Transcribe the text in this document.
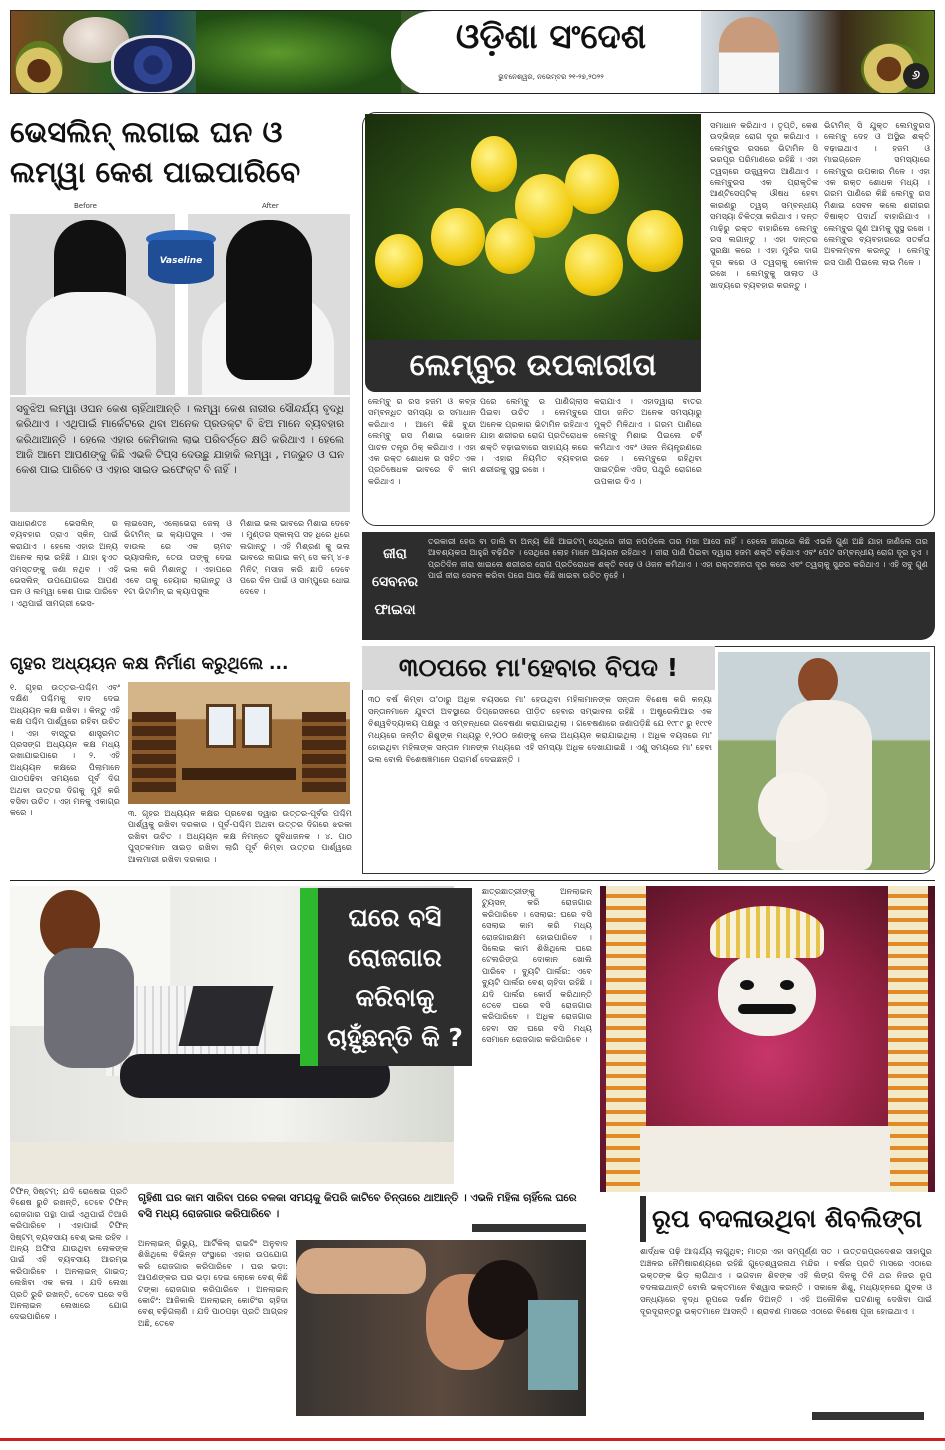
ଓଡ଼ିଶା ସଂଦେଶ
ଭୁବନେଶ୍ୱର, ନଭେମ୍ବର ୨୧-୨୭,୨୦୨୨	୬
ଭେସଲିନ୍ ଲଗାଇ ଘନ ଓ ଲମ୍ୱା କେଶ ପାଇପାରିବେ
Before	After
Vaseline
ସବୁଝିଅ ଲମ୍ୱା ଓଘନ କେଶ ଚାହିଁଥାଆନ୍ତି । ଲମ୍ୱା କେଶ ନାରୀର ସୌନ୍ଦର୍ଯ୍ୟ ବୃଦ୍ଧି କରିଥାଏ । ଏଥିପାଇଁ ମାର୍କେଟରେ ଥିବା ଅନେକ ପ୍ରଡକ୍ଟ ବି ଝିଅ ମାନେ ବ୍ୟବହାର କରିଥାଆନ୍ତି । ହେଲେ ଏହାର କେମିକାଲ ଲାଭ ପରିବର୍ତ୍ତେ କ୍ଷତି କରିଥାଏ । ହେଲେ ଆଜି ଆମେ ଆପଣଙ୍କୁ କିଛି ଏଭଳି ଟିପ୍ସ ଦେଉଛୁ ଯାହାକି ଲମ୍ୱା , ମଜଭୁତ ଓ ଘନ କେଶ ପାଇ ପାରିବେ ଓ ଏହାର ସାଇଡ ଇଫେକ୍ଟ ବି ନାହିଁ ।
ସାଧାରଣତଃ ଭେସଲିନ୍ ର ବ୍ୟବହାର ଡ୍ରାଏ ସ୍କିନ୍ ପାଇଁ କରାଯାଏ । ହେଲେ ଏହାର ଅନ୍ୟ ଅନେକ ଲାଭ ରହିଛି । ଯାହା ହୁଏତ ସମସ୍ତଙ୍କୁ ଜଣା ନଥିବ । ଏହି ଭେସଲିନ୍ ଉପଯୋଗରେ ଆପଣ ଘନ ଓ ଲମ୍ୱା କେଶ ପାଇ ପାରିବେ । ଏଥିପାଇଁ ସାମଗ୍ରୀ ଭେସ-
ଲାଇସେନ୍, ଏଲୋଭେରା ଜେଲ୍ ଓ ଭିଟାମିନ୍ ଇ କ୍ୟାପସୁଲ । ଏକ ବାଉଲ ରେ ଏକ ଚାମଚ ଭ୍ୟାସଲିନ୍, ତେଉ ତାଙ୍କୁ ଦେଇ ଭଲ କରି ମିଶାନ୍ତୁ । ଏହାପରେ ଏବେ ତାକୁ ହେୟାର ଲାଗାନ୍ତୁ ଓ ୧ଟା ଭିଟାମିନ୍ ଇ କ୍ୟାପସୁଲ
ମିଶାଇ ଭଲ ଭାବରେ ମିଶାଇ ଦେବେ । ମୁଣ୍ଡର ସ୍କାଲ୍ପ ସହ ଧିରେ ଧିରେ ଲଗାନ୍ତୁ । ଏହି ମିଶ୍ରଣ କୁ ଭଲ ଭାବରେ ଲଗାଇ କମ୍ ସେ କମ୍ ୪-୫ ମିନିଟ୍ ମସାଜ କରି ଛାଡି ଦେବେ ପରେ ଦିନ ପାଇଁ ଓ ସାମ୍ପୁରେ ଧୋଇ ଦେବେ ।
ଲେମ୍ବୁର ଉପକାରୀତା
ଲେମ୍ବୁ ର ରସ ହଜମ ଓ କବ୍ଜ ସମ୍ବନ୍ଧିତ ସମସ୍ୟା ର ସମାଧାନ କରିଥାଏ । ଆମେ କିଛି ବୁନ୍ଦା ଲେମ୍ବୁ ରସ ମିଶାଇ ଭୋଜନ ପାଚନ ତନ୍ତ୍ର ଠିକ୍ କରିଥାଏ । ଏହା ଏକ ରକ୍ତ ଶୋଧକ ର ସହିତ ଏକ ପ୍ରତିଷେଧକ ଭାବରେ ବି କାମ କରିଥାଏ ।
ପରେ ଲେମ୍ବୁ ର ପାଣିଗ୍ଲାସ ପିଇବା ଉଚିତ । ଲେମ୍ବୁରେ ଅନେକ ପ୍ରକାର ଭିଟାମିନ ରହିଥାଏ ଯାହା ଶରୀରର ରୋଗ ପ୍ରତିରୋଧକ ଶକ୍ତି ବଢ଼ାଇବାରେ ସାହାଯ୍ୟ କରେ । ଏହାର ନିୟମିତ ବ୍ୟବହାର ଶରୀରକୁ ସୁସ୍ଥ ରଖେ ।
କରାଯାଏ । ଏହାଦ୍ୱାରା ବାତର ପୀଡା ଜନିତ ଅନେକ ସମସ୍ୟାରୁ ମୁକ୍ତି ମିଳିଥାଏ । ଗରମ ପାଣିରେ ଲେମ୍ବୁ ମିଶାଇ ପିଇଲେ ଚର୍ବି କମିଥାଏ ଏବଂ ଓଜନ ନିୟନ୍ତ୍ରଣରେ ରହେ । ଲେମ୍ବୁରେ ରହିଥିବା ସାଇଟ୍ରିକ ଏସିଡ୍ ପଥୁରି ରୋଗରେ ଉପକାର ଦିଏ ।
ସମାଧାନ କରିଥାଏ । ତୃପ୍ତି, କେଶ ଉଦ୍ଭିଜ୍ଜ ରୋଗ ଦୂର କରିଥାଏ । ଲେମ୍ବୁର ରସରେ ଭିଟାମିନ ସି ଭରପୂର ପରିମାଣରେ ରହିଛି । ଏହା ତ୍ୱଚାରେ ଉଜ୍ଜ୍ୱଳତା ଆଣିଥାଏ । ଲେମ୍ବୁରସ ଏକ ପ୍ରାକୃତିକ ଆଣ୍ଟିସେପ୍ଟିକ୍ ଔଷଧ ହେବା କାରଣରୁ ତ୍ୱଚା ସମ୍ବନ୍ଧୀୟ ସମସ୍ୟା ଚିକିତ୍ସା କରିଥାଏ । ଦନ୍ତ ମାଢ଼ିରୁ ରକ୍ତ ବାହାରିଲେ ଲେମ୍ବୁ ରସ ଲଗାନ୍ତୁ । ଏହା ଦାନ୍ତର ସୁରକ୍ଷା କରେ । ଏହା ମୁହଁର ଦାଗ ଦୂର କରେ ଓ ତ୍ୱଚାକୁ କୋମଳ ରଖେ । ଲେମ୍ବୁକୁ ସାଲାଡ ଓ ଖାଦ୍ୟରେ ବ୍ୟବହାର କରନ୍ତୁ ।
ଭିଟାମିନ୍ ସି ଯୁକ୍ତ ଲେମ୍ବୁରସ ଲେମ୍ବୁ ଦେହ ଓ ଅସ୍ଥିର ଶକ୍ତି ବଢ଼ାଇଥାଏ । ହଜମ ଓ ମାଇଗ୍ରେନ ସମସ୍ୟାରେ ଲେମ୍ବୁର ଉପକାର ମିଳେ । ଏହା ଏକ ରକ୍ତ ଶୋଧକ ମଧ୍ୟ । ଗରମ ପାଣିରେ କିଛି ଲେମ୍ବୁ ରସ ମିଶାଇ ସେବନ କଲେ ଶରୀରର ବିଷାକ୍ତ ପଦାର୍ଥ ବାହାରିଯାଏ । ଲେମ୍ବୁର ଗୁଣ ଆମକୁ ସୁସ୍ଥ ରଖେ । ଲେମ୍ବୁର ବ୍ୟବହାରରେ ସତର୍କତା ଅବଲମ୍ବନ କରନ୍ତୁ । ଲେମ୍ବୁ ରସ ପାଣି ପିଇଲେ ଲାଭ ମିଳେ ।
ଜୀରା ସେବନର ଫାଇଦା
ତରକାରୀ ହେଉ ବା ଡାଲି ବା ଅନ୍ୟ କିଛି ଆଇଟମ୍ ସେଥିରେ ଜୀରା ନପଡ଼ିଲେ ତାର ମଜା ଆସେ ନାହିଁ । ହେଲେ ଜୀରାରେ କିଛି ଏଭଳି ଗୁଣ ଅଛି ଯାହା ଜାଣିଲେ ତାର ଆବଶ୍ୟକତା ଆହୁରି ବଢ଼ିଯିବ । ସେଥିରେ ଲୋହ ମାନେ ଆୟରନ ରହିଥାଏ । ଜୀରା ପାଣି ପିଇବା ଦ୍ୱାରା ହଜମ ଶକ୍ତି ବଢ଼ିଥାଏ ଏବଂ ପେଟ ସମ୍ବନ୍ଧୀୟ ରୋଗ ଦୂର ହୁଏ । ପ୍ରତିଦିନ ଜୀରା ଖାଇଲେ ଶରୀରର ରୋଗ ପ୍ରତିରୋଧକ ଶକ୍ତି ବଢ଼େ ଓ ଓଜନ କମିଥାଏ । ଏହା ରକ୍ତହୀନତା ଦୂର କରେ ଏବଂ ତ୍ୱଚାକୁ ସୁନ୍ଦର କରିଥାଏ । ଏହି ସବୁ ଗୁଣ ପାଇଁ ଜୀରା ସେବନ କରିବା ପରେ ଆଉ କିଛି ଖାଇବା ଉଚିତ ନୁହେଁ ।
ଗୃହର ଅଧ୍ୟୟନ କକ୍ଷ ନିର୍ମାଣ କରୁଥିଲେ ...
୧. ଗୃହର ଉତ୍ତର-ପଶ୍ଚିମ ଏବଂ ଦକ୍ଷିଣ ପଶ୍ଚିମକୁ ବାଦ ଦେଇ ଅଧ୍ୟୟନ କକ୍ଷ ରଖିବା । କିନ୍ତୁ ଏହି କକ୍ଷ ପଶ୍ଚିମ ପାର୍ଶ୍ୱରେ ରହିବା ଉଚିତ । ଏହା ବାସ୍ତୁର ଶାସ୍ତ୍ରମତ ପ୍ରସଙ୍ଗ ଅଧ୍ୟୟନ କକ୍ଷ ମଧ୍ୟ ରଖାଯାଇପାରେ । ୨. ଏହି ଅଧ୍ୟୟନ କକ୍ଷରେ ପିଲାମାନେ ପାଠପଢିବା ସମୟରେ ପୂର୍ବ ଦିଗ ଅଥବା ଉତ୍ତର ଦିଗକୁ ମୁହଁ କରି ବସିବା ଉଚିତ । ଏହା ମନକୁ ଏକାଗ୍ର କରେ ।	୩. ଗୃହର ଅଧ୍ୟୟନ କକ୍ଷର ପ୍ରବେଶ ଦ୍ୱାର ଉତ୍ତର-ପୂର୍ବର ପଶ୍ଚିମ ପାର୍ଶ୍ୱକୁ ରଖିବା ଦରକାର । ପୂର୍ବ-ପଶ୍ଚିମ ଅଥବା ଉତ୍ତର ଦିଗରେ ଝରକା ରଖିବା ଉଚିତ । ଅଧ୍ୟୟନ କକ୍ଷ ନିମନ୍ତେ ସୁବିଧାଜନକ । ୪. ପାଠ ପୁସ୍ତକମାନ ସାଇଡ଼ ରଖିବା ଲାଗି ପୂର୍ବ କିମ୍ବା ଉତ୍ତର ପାର୍ଶ୍ୱରେ ଆଲମାରୀ ରଖିବା ଦରକାର ।
୩୦ପରେ ମା'ହେବାର ବିପଦ !
୩୦ ବର୍ଷ କିମ୍ବା ତା'ଠାରୁ ଅଧିକ ବୟସରେ ମା' ହେଉଥିବା ମହିଳାମାନଙ୍କ ସନ୍ତାନ ବିଶେଷ କରି କନ୍ୟା ସନ୍ତାନମାନେ ଯୁବତୀ ଅବସ୍ଥାରେ ଡିପ୍ରେସନରେ ପୀଡ଼ିତ ହେବାର ସମ୍ଭାବନା ରହିଛି । ଅଷ୍ଟ୍ରେଲିଆର ଏକ ବିଶ୍ୱବିଦ୍ୟାଳୟ ପକ୍ଷରୁ ଏ ସମ୍ବନ୍ଧରେ ଗବେଷଣା କରାଯାଇଥିଲା । ଗବେଷଣାରେ ଜଣାପଡ଼ିଛି ଯେ ୧୯୮୯ ରୁ ୧୯୯୧ ମଧ୍ୟରେ ଜନ୍ମିତ ଶିଶୁଙ୍କ ମଧ୍ୟରୁ ୧,୨୦୦ ଜଣଙ୍କୁ ନେଇ ଅଧ୍ୟୟନ କରାଯାଇଥିଲା । ଅଧିକ ବୟସରେ ମା' ହୋଇଥିବା ମହିଳାଙ୍କ ସନ୍ତାନ ମାନଙ୍କ ମଧ୍ୟରେ ଏହି ସମସ୍ୟା ଅଧିକ ଦେଖାଯାଇଛି । ଏଣୁ ସମୟରେ ମା' ହେବା ଭଲ ବୋଲି ବିଶେଷଜ୍ଞମାନେ ପରାମର୍ଶ ଦେଇଛନ୍ତି ।
ଘରେ ବସି ରୋଜଗାର କରିବାକୁ ଚାହୁଁଛନ୍ତି କି ?
ଛାତ୍ରଛାତ୍ରୀଙ୍କୁ ଅନଲାଇନ୍ ଟ୍ୟୁସନ୍ କରି ରୋଜଗାର କରିପାରିବେ । ସେଲାଇ: ଘରେ ବସି ସେଲାଇ କାମ କରି ମଧ୍ୟ ରୋଜଗାରକ୍ଷମ ହୋଇପାରିବେ । ସିଲେଇ କାମ ଶିଖିଥିଲେ ଘରେ ଟେଲରିଙ୍ଗ ଦୋକାନ ଖୋଲି ପାରିବେ । ବ୍ୟୁଟି ପାର୍ଲର: ଏବେ ବ୍ୟୁଟି ପାର୍ଲର ବେଶ୍ ଚାହିଦା ରହିଛି । ଯଦି ପାର୍ଲର କୋର୍ସ କରିଥାନ୍ତି ତେବେ ଘରେ ବସି ରୋଜଗାର କରିପାରିବେ । ଅଧିକ ରୋଜଗାର ହେବା ସହ ଘରେ ବସି ମଧ୍ୟ ସେମାନେ ରୋଜଗାର କରିପାରିବେ ।
ଗୃହିଣୀ ଘର କାମ ସାରିବା ପରେ ବଳକା ସମୟକୁ କିପରି କାଟିବେ ଚିନ୍ତାରେ ଥାଆନ୍ତି । ଏଭଳି ମହିଳା ଚାହିଁଲେ ଘରେ ବସି ମଧ୍ୟ ରୋଜଗାର କରିପାରିବେ ।
ଟିଫିନ୍ ସିଷ୍ଟମ୍: ଯଦି ରୋଷେଇ ପ୍ରତି ବିଶେଷ ରୁଚି ରଖନ୍ତି, ତେବେ ଟିଫିନ୍ ରୋଜଗାର ପନ୍ଥା ପାଇଁ ଏଥିପାଇଁ ତିଆରି କରିପାରିବେ । ଏହାପାଇଁ ଟିଫିନ୍ ସିଷ୍ଟମ୍ ବ୍ୟବସାୟ ବେଶ୍ ଭଲ ରହିବ । ଅନ୍ୟ ଅଫିସ ଯାଉଥିବା ଲୋକଙ୍କ ପାଇଁ ଏହି ବ୍ୟବସାୟ ଆରମ୍ଭ କରିପାରିବେ । ଅନଲାଇନ୍ ଗାଇଡ୍: ଲେଖିବା ଏକ କଳା । ଯଦି ଲେଖା ପ୍ରତି ରୁଚି ରଖନ୍ତି, ତେବେ ଘରେ ବସି ଅନଲାଇନ ଲେଖାରେ ଯୋଗ ଦେଇପାରିବେ ।
ଅନଲାଇନ୍ ରିଭ୍ୟୁ, ଆର୍ଟିକିଲ୍ ରାଇଟିଂ ଅନୁବାଦ ଶିଖିଥିଲେ ବିଭିନ୍ନ ସଂସ୍ଥାରେ ଏହାର ଉପଯୋଗ କରି ରୋଜଗାର କରିପାରିବେ । ଘର ଭଡ଼ା: ଆପଣଙ୍କର ଘର ଭଡ଼ା ଦେଇ ଲୋକେ ବେଶ୍ କିଛି ଟଙ୍କା ରୋଜଗାର କରିପାରିବେ । ଅନଲାଇନ୍ କୋଚିଂ: ଆଜିକାଲି ଅନଲାଇନ୍ କୋଚିଂର ଚାହିଦା ବେଶ୍ ବଢ଼ିଗଲାଣି । ଯଦି ପାଠପଢ଼ା ପ୍ରତି ଆଗ୍ରହ ଅଛି, ତେବେ
ରୂପ ବଦଳାଉଥିବା ଶିବଲିଙ୍ଗ
ଶାର୍ଦ୍ଧକ ପଢ଼ି ଆଶ୍ଚର୍ଯ୍ୟ ଲାଗୁଥିବ; ମାତ୍ର ଏହା ସମ୍ପୂର୍ଣ୍ଣ ସତ । ଉତ୍ତରପ୍ରଦେଶର ସାହାପୁର ଅଞ୍ଚଳର ନୈମିଷାରଣ୍ୟରେ ରହିଛି ଗୁଡ଼େଶ୍ୱରନାଥ ମନ୍ଦିର । ବର୍ଷର ପ୍ରତି ମାସରେ ଏଠାରେ ଭକ୍ତଙ୍କ ଭିଡ଼ ଲାଗିଥାଏ । ଭଗବାନ ଶିବଙ୍କ ଏହି ଲିଙ୍ଗ ଦିନକୁ ତିନି ଥର ନିଜର ରୂପ ବଦଳାଇଥାନ୍ତି ବୋଲି ଭକ୍ତମାନେ ବିଶ୍ୱାସ କରନ୍ତି । ସକାଳେ ଶିଶୁ, ମଧ୍ୟାହ୍ନରେ ଯୁବକ ଓ ସନ୍ଧ୍ୟାରେ ବୃଦ୍ଧ ରୂପରେ ଦର୍ଶନ ଦିଅନ୍ତି । ଏହି ଅଲୌକିକ ଘଟଣାକୁ ଦେଖିବା ପାଇଁ ଦୂରଦୂରାନ୍ତରୁ ଭକ୍ତମାନେ ଆସନ୍ତି । ଶ୍ରାବଣ ମାସରେ ଏଠାରେ ବିଶେଷ ପୂଜା ହୋଇଥାଏ ।
